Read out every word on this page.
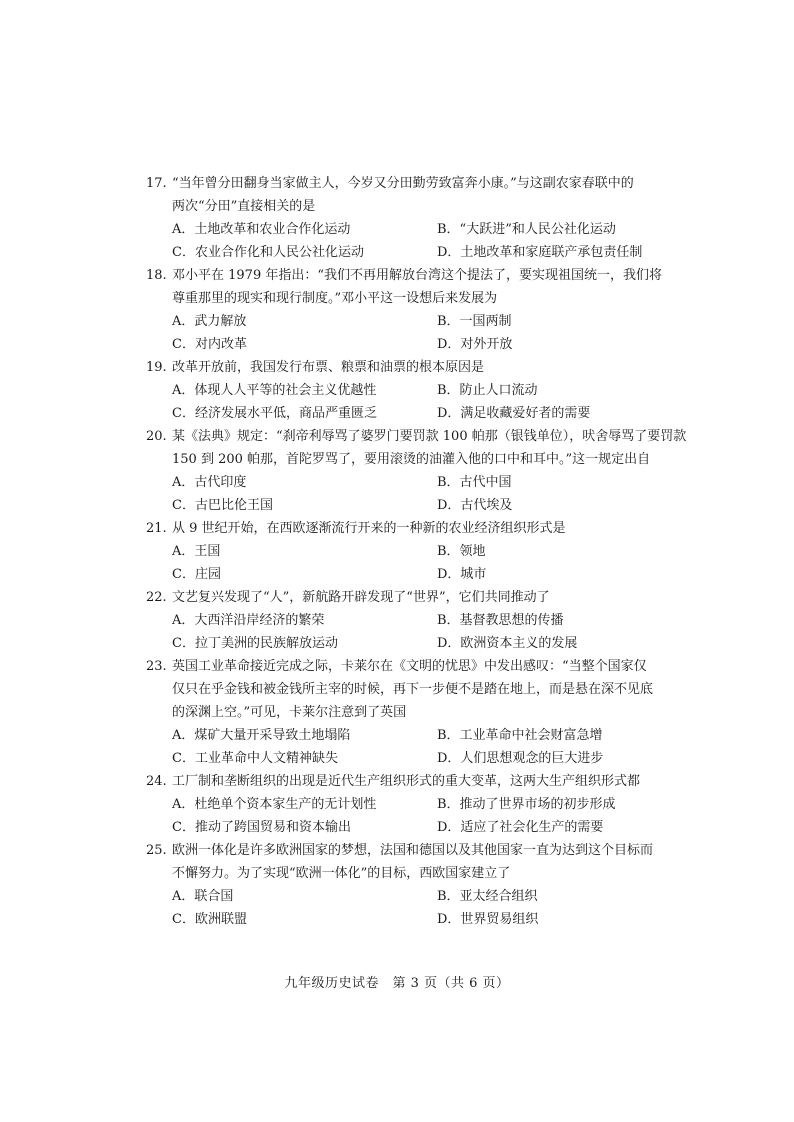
17. “当年曾分田翻身当家做主人，今岁又分田勤劳致富奔小康。”与这副农家春联中的
两次“分田”直接相关的是
A．土地改革和农业合作化运动	B．“大跃进”和人民公社化运动
C．农业合作化和人民公社化运动	D．土地改革和家庭联产承包责任制
18. 邓小平在 1979 年指出：“我们不再用解放台湾这个提法了，要实现祖国统一，我们将
尊重那里的现实和现行制度。”邓小平这一设想后来发展为
A．武力解放	B．一国两制
C．对内改革	D．对外开放
19. 改革开放前，我国发行布票、粮票和油票的根本原因是
A．体现人人平等的社会主义优越性	B．防止人口流动
C．经济发展水平低，商品严重匮乏	D．满足收藏爱好者的需要
20. 某《法典》规定：“刹帝利辱骂了婆罗门要罚款 100 帕那（银钱单位），吠舍辱骂了要罚款
150 到 200 帕那，首陀罗骂了，要用滚烫的油灌入他的口中和耳中。”这一规定出自
A．古代印度	B．古代中国
C．古巴比伦王国	D．古代埃及
21. 从 9 世纪开始，在西欧逐渐流行开来的一种新的农业经济组织形式是
A．王国	B．领地
C．庄园	D．城市
22. 文艺复兴发现了“人”，新航路开辟发现了“世界”，它们共同推动了
A．大西洋沿岸经济的繁荣	B．基督教思想的传播
C．拉丁美洲的民族解放运动	D．欧洲资本主义的发展
23. 英国工业革命接近完成之际，卡莱尔在《文明的忧思》中发出感叹：“当整个国家仅
仅只在乎金钱和被金钱所主宰的时候，再下一步便不是踏在地上，而是悬在深不见底
的深渊上空。”可见，卡莱尔注意到了英国
A．煤矿大量开采导致土地塌陷	B．工业革命中社会财富急增
C．工业革命中人文精神缺失	D．人们思想观念的巨大进步
24. 工厂制和垄断组织的出现是近代生产组织形式的重大变革，这两大生产组织形式都
A．杜绝单个资本家生产的无计划性	B．推动了世界市场的初步形成
C．推动了跨国贸易和资本输出	D．适应了社会化生产的需要
25. 欧洲一体化是许多欧洲国家的梦想，法国和德国以及其他国家一直为达到这个目标而
不懈努力。为了实现“欧洲一体化”的目标，西欧国家建立了
A．联合国	B．亚太经合组织
C．欧洲联盟	D．世界贸易组织
九年级历史试卷　第 3 页（共 6 页）
